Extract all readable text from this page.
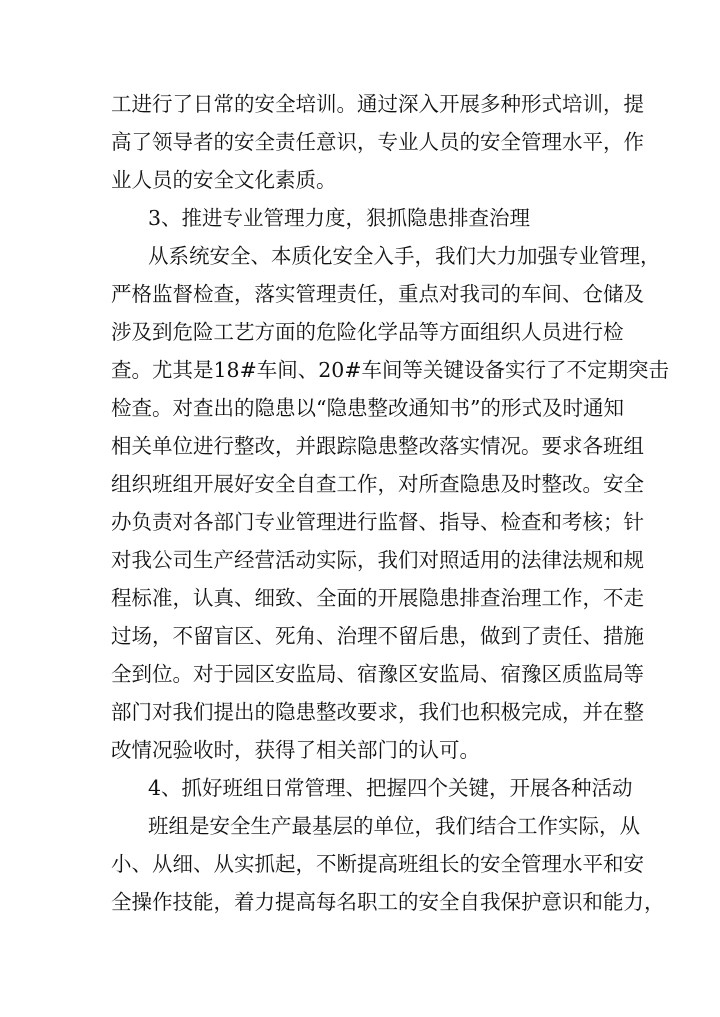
工进行了日常的安全培训。通过深入开展多种形式培训，提
高了领导者的安全责任意识，专业人员的安全管理水平，作
业人员的安全文化素质。
3、推进专业管理力度，狠抓隐患排查治理
从系统安全、本质化安全入手，我们大力加强专业管理，
严格监督检查，落实管理责任，重点对我司的车间、仓储及
涉及到危险工艺方面的危险化学品等方面组织人员进行检
查。尤其是18#车间、20#车间等关键设备实行了不定期突击
检查。对查出的隐患以“隐患整改通知书”的形式及时通知
相关单位进行整改，并跟踪隐患整改落实情况。要求各班组
组织班组开展好安全自查工作，对所查隐患及时整改。安全
办负责对各部门专业管理进行监督、指导、检查和考核；针
对我公司生产经营活动实际，我们对照适用的法律法规和规
程标准，认真、细致、全面的开展隐患排查治理工作，不走
过场，不留盲区、死角、治理不留后患，做到了责任、措施
全到位。对于园区安监局、宿豫区安监局、宿豫区质监局等
部门对我们提出的隐患整改要求，我们也积极完成，并在整
改情况验收时，获得了相关部门的认可。
4、抓好班组日常管理、把握四个关键，开展各种活动
班组是安全生产最基层的单位，我们结合工作实际，从
小、从细、从实抓起，不断提高班组长的安全管理水平和安
全操作技能，着力提高每名职工的安全自我保护意识和能力，
